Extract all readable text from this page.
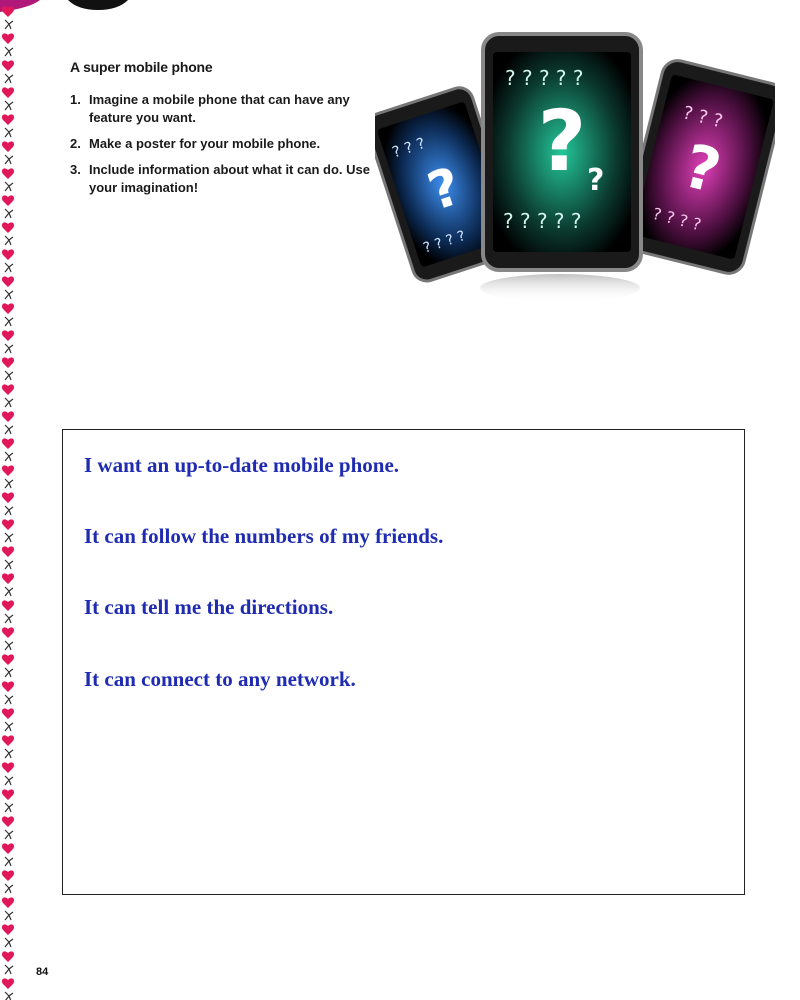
A super mobile phone
1. Imagine a mobile phone that can have any feature you want.
2. Make a poster for your mobile phone.
3. Include information about what it can do. Use your imagination!	?
? ? ?
? ? ? ?
?
? ? ?
? ? ? ?
?
? ? ? ? ?
? ? ? ? ?
?
I want an up-to-date mobile phone.
It can follow the numbers of my friends.
It can tell me the directions.
It can connect to any network.
84
